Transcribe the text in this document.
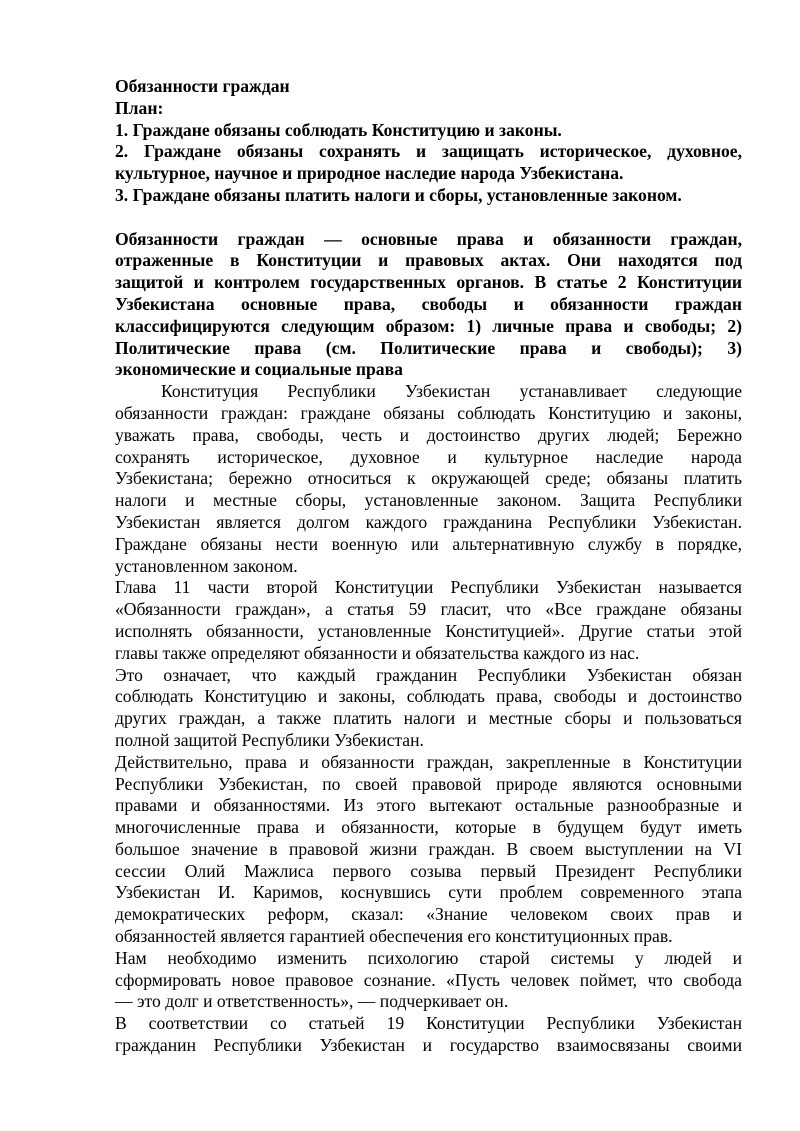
Обязанности граждан
План:
1. Граждане обязаны соблюдать Конституцию и законы.
2. Граждане обязаны сохранять и защищать историческое, духовное,
культурное, научное и природное наследие народа Узбекистана.
3. Граждане обязаны платить налоги и сборы, установленные законом.
Обязанности граждан — основные права и обязанности граждан,
отраженные в Конституции и правовых актах. Они находятся под
защитой и контролем государственных органов. В статье 2 Конституции
Узбекистана основные права, свободы и обязанности граждан
классифицируются следующим образом: 1) личные права и свободы; 2)
Политические права (см. Политические права и свободы); 3)
экономические и социальные права
Конституция Республики Узбекистан устанавливает следующие
обязанности граждан: граждане обязаны соблюдать Конституцию и законы,
уважать права, свободы, честь и достоинство других людей; Бережно
сохранять историческое, духовное и культурное наследие народа
Узбекистана; бережно относиться к окружающей среде; обязаны платить
налоги и местные сборы, установленные законом. Защита Республики
Узбекистан является долгом каждого гражданина Республики Узбекистан.
Граждане обязаны нести военную или альтернативную службу в порядке,
установленном законом.
Глава 11 части второй Конституции Республики Узбекистан называется
«Обязанности граждан», а статья 59 гласит, что «Все граждане обязаны
исполнять обязанности, установленные Конституцией». Другие статьи этой
главы также определяют обязанности и обязательства каждого из нас.
Это означает, что каждый гражданин Республики Узбекистан обязан
соблюдать Конституцию и законы, соблюдать права, свободы и достоинство
других граждан, а также платить налоги и местные сборы и пользоваться
полной защитой Республики Узбекистан.
Действительно, права и обязанности граждан, закрепленные в Конституции
Республики Узбекистан, по своей правовой природе являются основными
правами и обязанностями. Из этого вытекают остальные разнообразные и
многочисленные права и обязанности, которые в будущем будут иметь
большое значение в правовой жизни граждан. В своем выступлении на VI
сессии Олий Мажлиса первого созыва первый Президент Республики
Узбекистан И. Каримов, коснувшись сути проблем современного этапа
демократических реформ, сказал: «Знание человеком своих прав и
обязанностей является гарантией обеспечения его конституционных прав.
Нам необходимо изменить психологию старой системы у людей и
сформировать новое правовое сознание. «Пусть человек поймет, что свобода
— это долг и ответственность», — подчеркивает он.
В соответствии со статьей 19 Конституции Республики Узбекистан
гражданин Республики Узбекистан и государство взаимосвязаны своими
